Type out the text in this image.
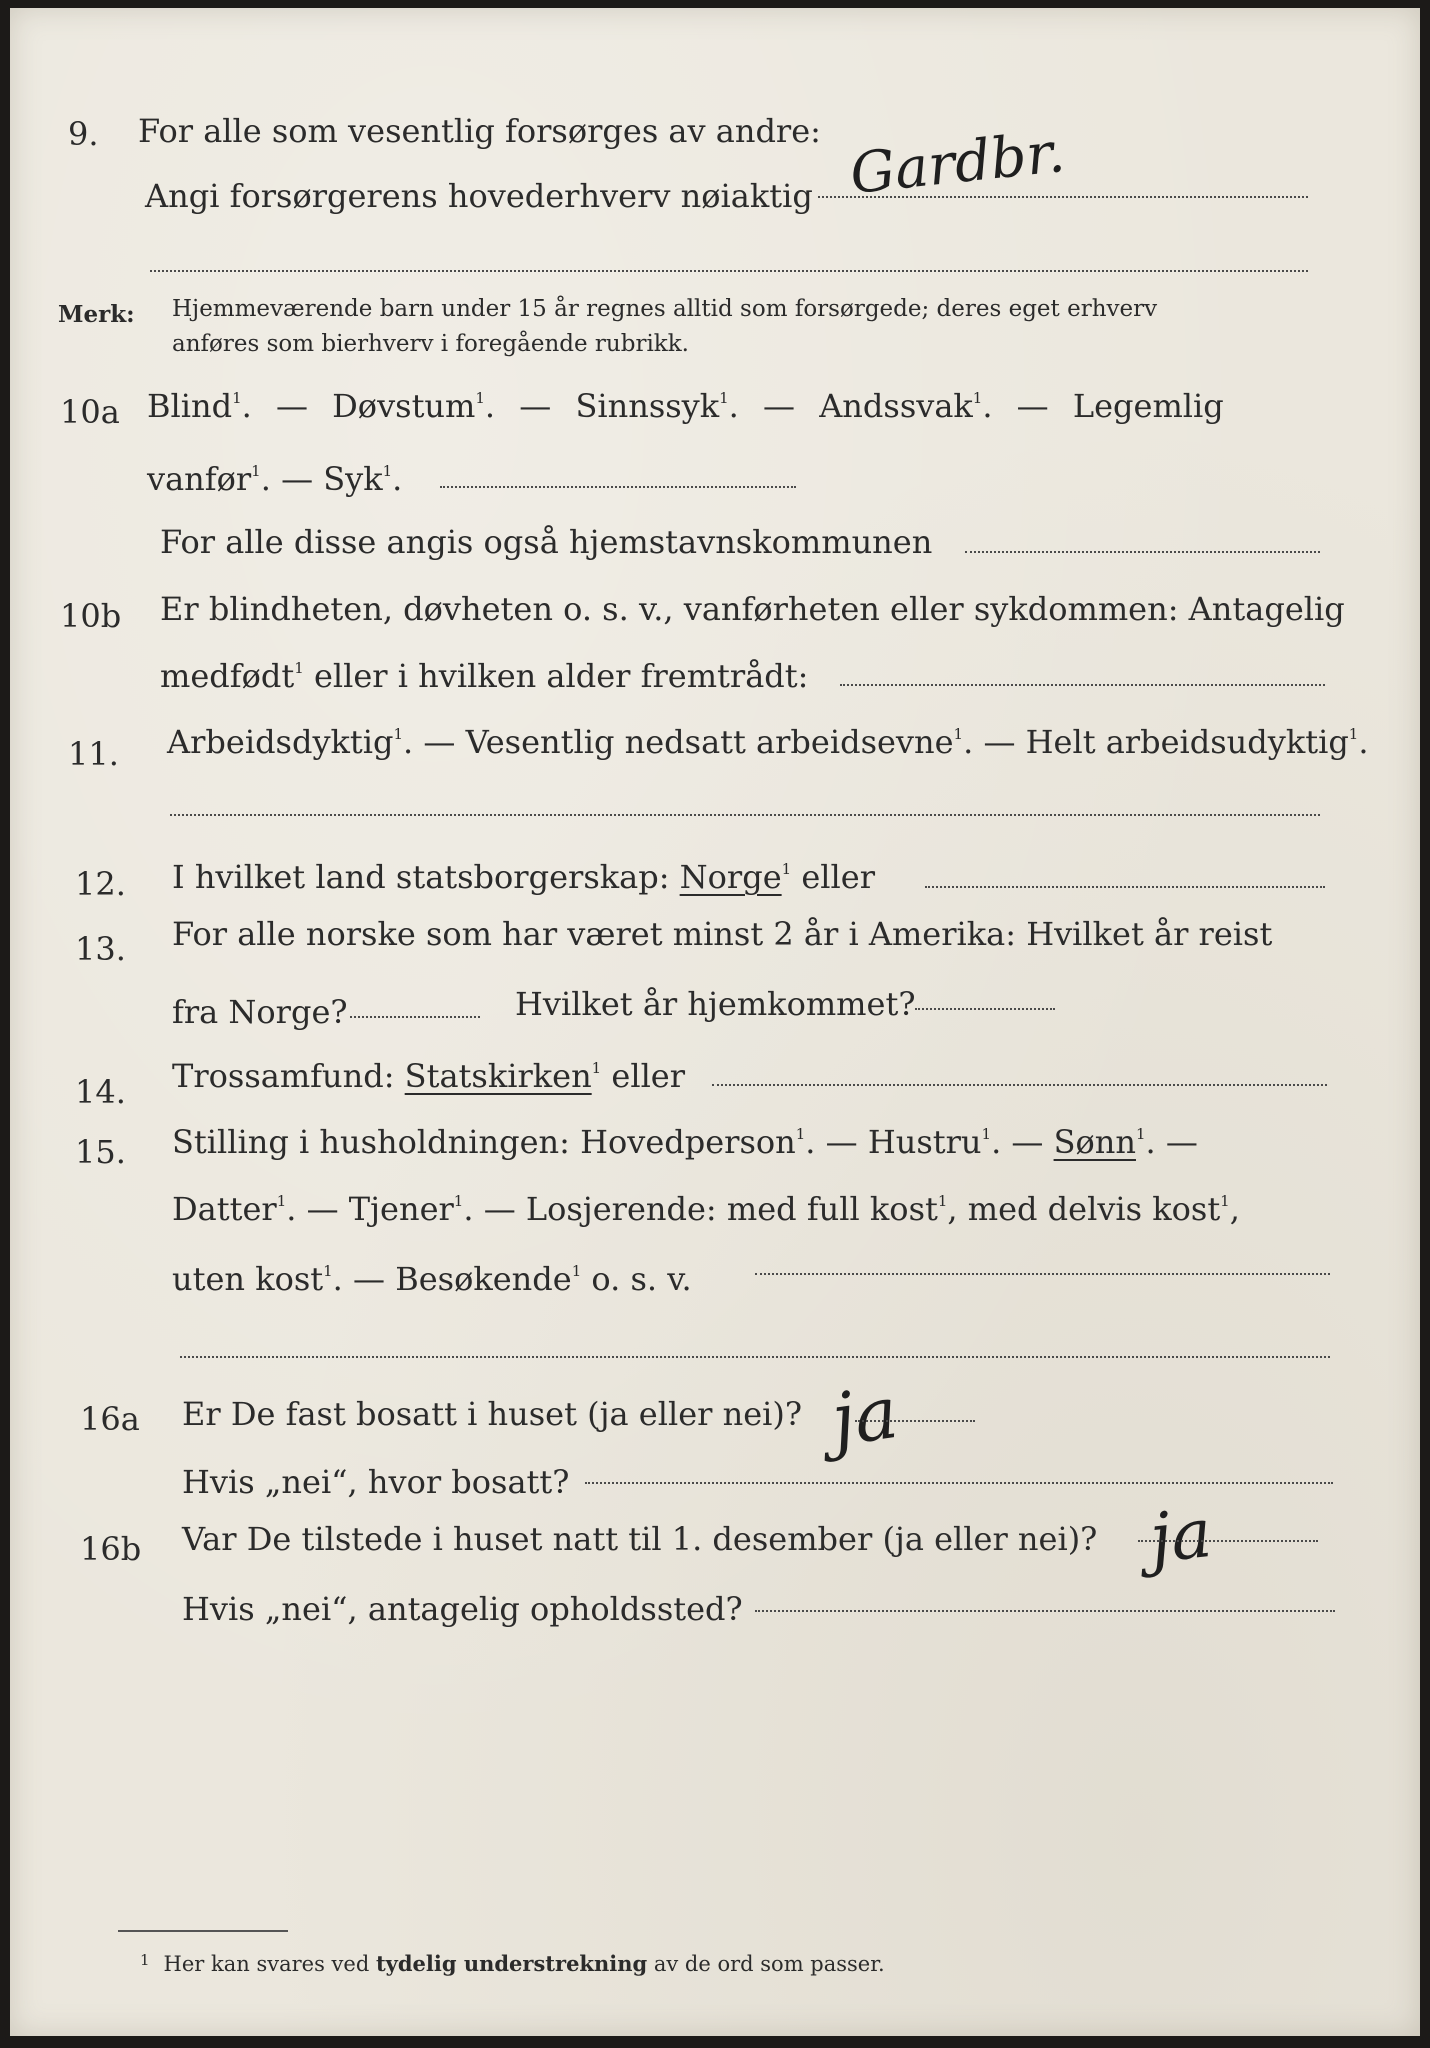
9. For alle som vesentlig forsørges av andre:
Angi forsørgerens hovederhverv nøiaktig Gardbr.
Merk: Hjemmeværende barn under 15 år regnes alltid som forsørgede; deres eget erhverv
anføres som bierhverv i foregående rubrikk.
10a Blind$^1$. — Døvstum$^1$. — Sinnssyk$^1$. — Andssvak$^1$. — Legemlig
vanfør$^1$. — Syk$^1$.
For alle disse angis også hjemstavnskommunen
10b Er blindheten, døvheten o. s. v., vanførheten eller sykdommen: Antagelig
medfødt$^1$ eller i hvilken alder fremtrådt:
11. Arbeidsdyktig$^1$. — Vesentlig nedsatt arbeidsevne$^1$. — Helt arbeidsudyktig$^1$.
12. I hvilket land statsborgerskap: Norge$^1$ eller
13. For alle norske som har været minst 2 år i Amerika: Hvilket år reist
fra Norge?	Hvilket år hjemkommet?
14. Trossamfund: Statskirken$^1$ eller
15. Stilling i husholdningen: Hovedperson$^1$. — Hustru$^1$. — Sønn$^1$. —
Datter$^1$. — Tjener$^1$. — Losjerende: med full kost$^1$, med delvis kost$^1$,
uten kost$^1$. — Besøkende$^1$ o. s. v.
16a Er De fast bosatt i huset (ja eller nei)? ja
Hvis „nei“, hvor bosatt?
16b Var De tilstede i huset natt til 1. desember (ja eller nei)? ja
Hvis „nei“, antagelig opholdssted?
$^1$ Her kan svares ved tydelig understrekning av de ord som passer.
